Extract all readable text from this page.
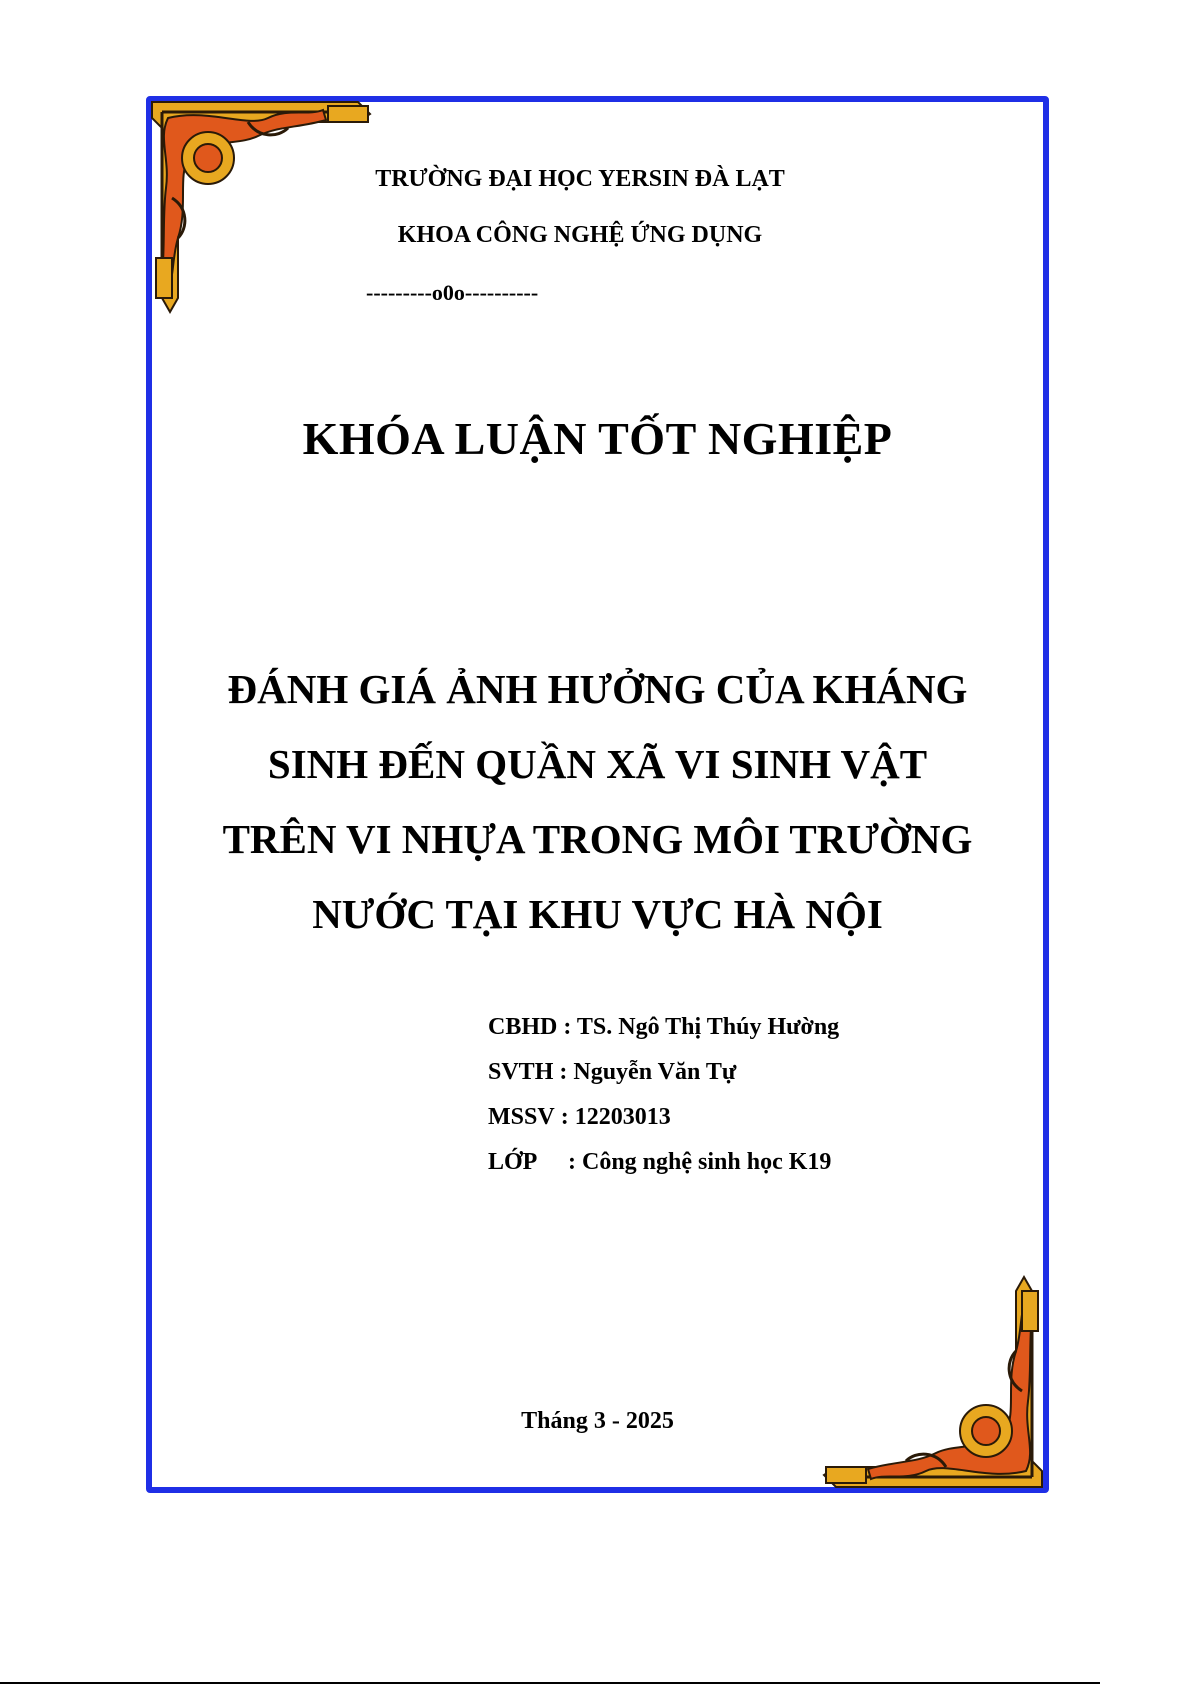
TRƯỜNG ĐẠI HỌC YERSIN ĐÀ LẠT
KHOA CÔNG NGHỆ ỨNG DỤNG
---------o0o----------
KHÓA LUẬN TỐT NGHIỆP
ĐÁNH GIÁ ẢNH HƯỞNG CỦA KHÁNG
SINH ĐẾN QUẦN XÃ VI SINH VẬT
TRÊN VI NHỰA TRONG MÔI TRƯỜNG
NƯỚC TẠI KHU VỰC HÀ NỘI
CBHD : TS. Ngô Thị Thúy Hường
SVTH : Nguyễn Văn Tự
MSSV : 12203013
LỚP : Công nghệ sinh học K19
Tháng 3 - 2025
